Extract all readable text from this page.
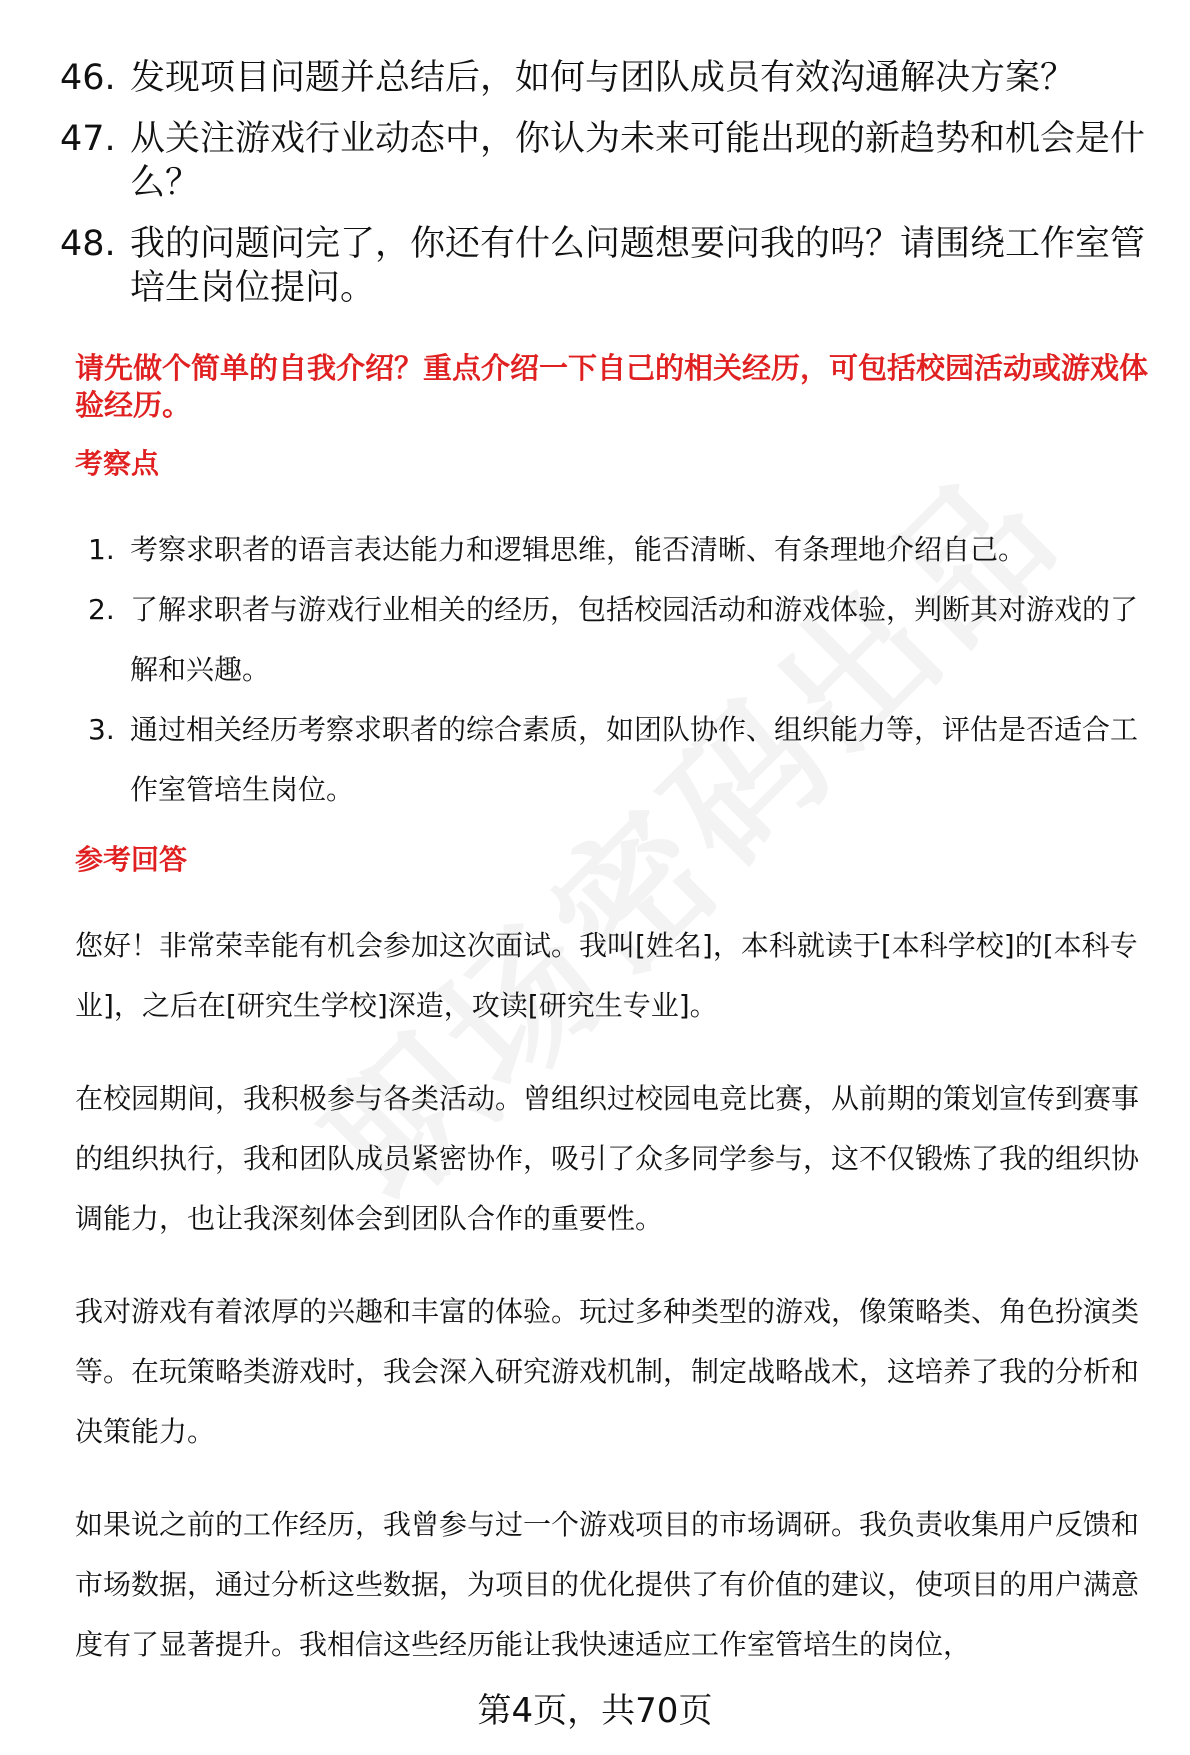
46. 发现项目问题并总结后，如何与团队成员有效沟通解决方案？
47. 从关注游戏行业动态中，你认为未来可能出现的新趋势和机会是什么？
48. 我的问题问完了，你还有什么问题想要问我的吗？请围绕工作室管培生岗位提问。

请先做个简单的自我介绍？重点介绍一下自己的相关经历，可包括校园活动或游戏体验经历。

考察点

1. 考察求职者的语言表达能力和逻辑思维，能否清晰、有条理地介绍自己。
2. 了解求职者与游戏行业相关的经历，包括校园活动和游戏体验，判断其对游戏的了解和兴趣。
3. 通过相关经历考察求职者的综合素质，如团队协作、组织能力等，评估是否适合工作室管培生岗位。

参考回答

您好！非常荣幸能有机会参加这次面试。我叫[姓名]，本科就读于[本科学校]的[本科专业]，之后在[研究生学校]深造，攻读[研究生专业]。

在校园期间，我积极参与各类活动。曾组织过校园电竞比赛，从前期的策划宣传到赛事的组织执行，我和团队成员紧密协作，吸引了众多同学参与，这不仅锻炼了我的组织协调能力，也让我深刻体会到团队合作的重要性。

我对游戏有着浓厚的兴趣和丰富的体验。玩过多种类型的游戏，像策略类、角色扮演类等。在玩策略类游戏时，我会深入研究游戏机制，制定战略战术，这培养了我的分析和决策能力。

如果说之前的工作经历，我曾参与过一个游戏项目的市场调研。我负责收集用户反馈和市场数据，通过分析这些数据，为项目的优化提供了有价值的建议，使项目的用户满意度有了显著提升。我相信这些经历能让我快速适应工作室管培生的岗位，

第4页，共70页
